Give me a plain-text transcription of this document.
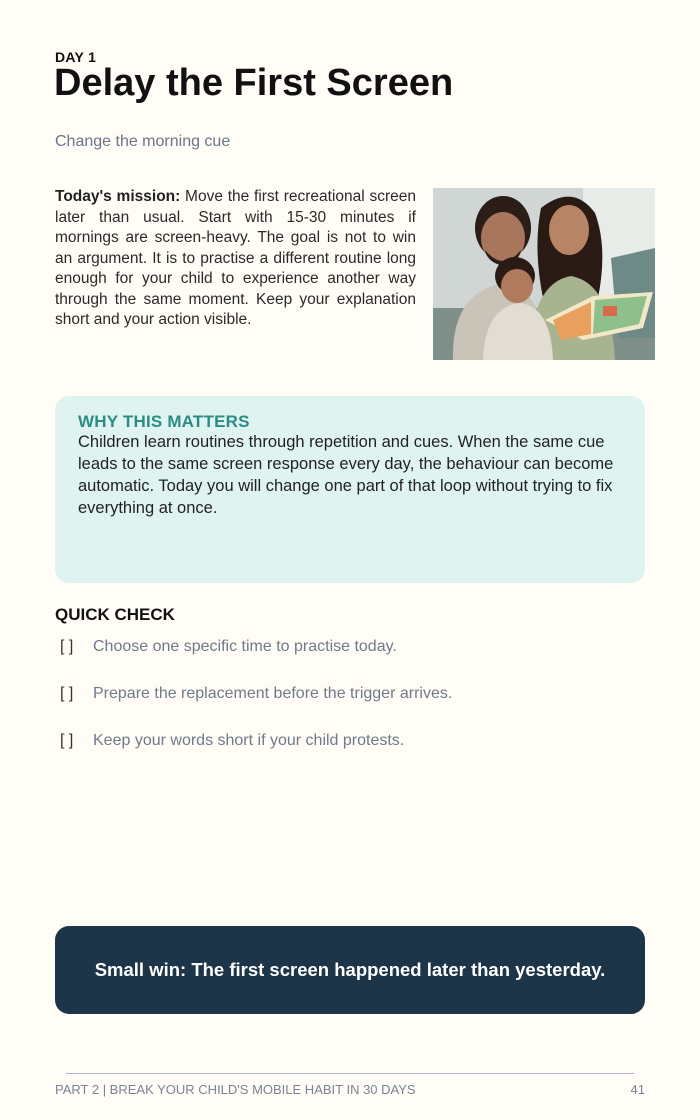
DAY 1
Delay the First Screen
Change the morning cue

Today's mission: Move the first recreational screen later than usual. Start with 15-30 minutes if mornings are screen-heavy. The goal is not to win an argument. It is to practise a different routine long enough for your child to experience another way through the same moment. Keep your explanation short and your action visible.

WHY THIS MATTERS

Children learn routines through repetition and cues. When the same cue leads to the same screen response every day, the behaviour can become automatic. Today you will change one part of that loop without trying to fix everything at once.

QUICK CHECK
[ ]	Choose one specific time to practise today.
[ ]	Prepare the replacement before the trigger arrives.
[ ]	Keep your words short if your child protests.
Small win: The first screen happened later than yesterday.
PART 2 | BREAK YOUR CHILD'S MOBILE HABIT IN 30 DAYS	41
